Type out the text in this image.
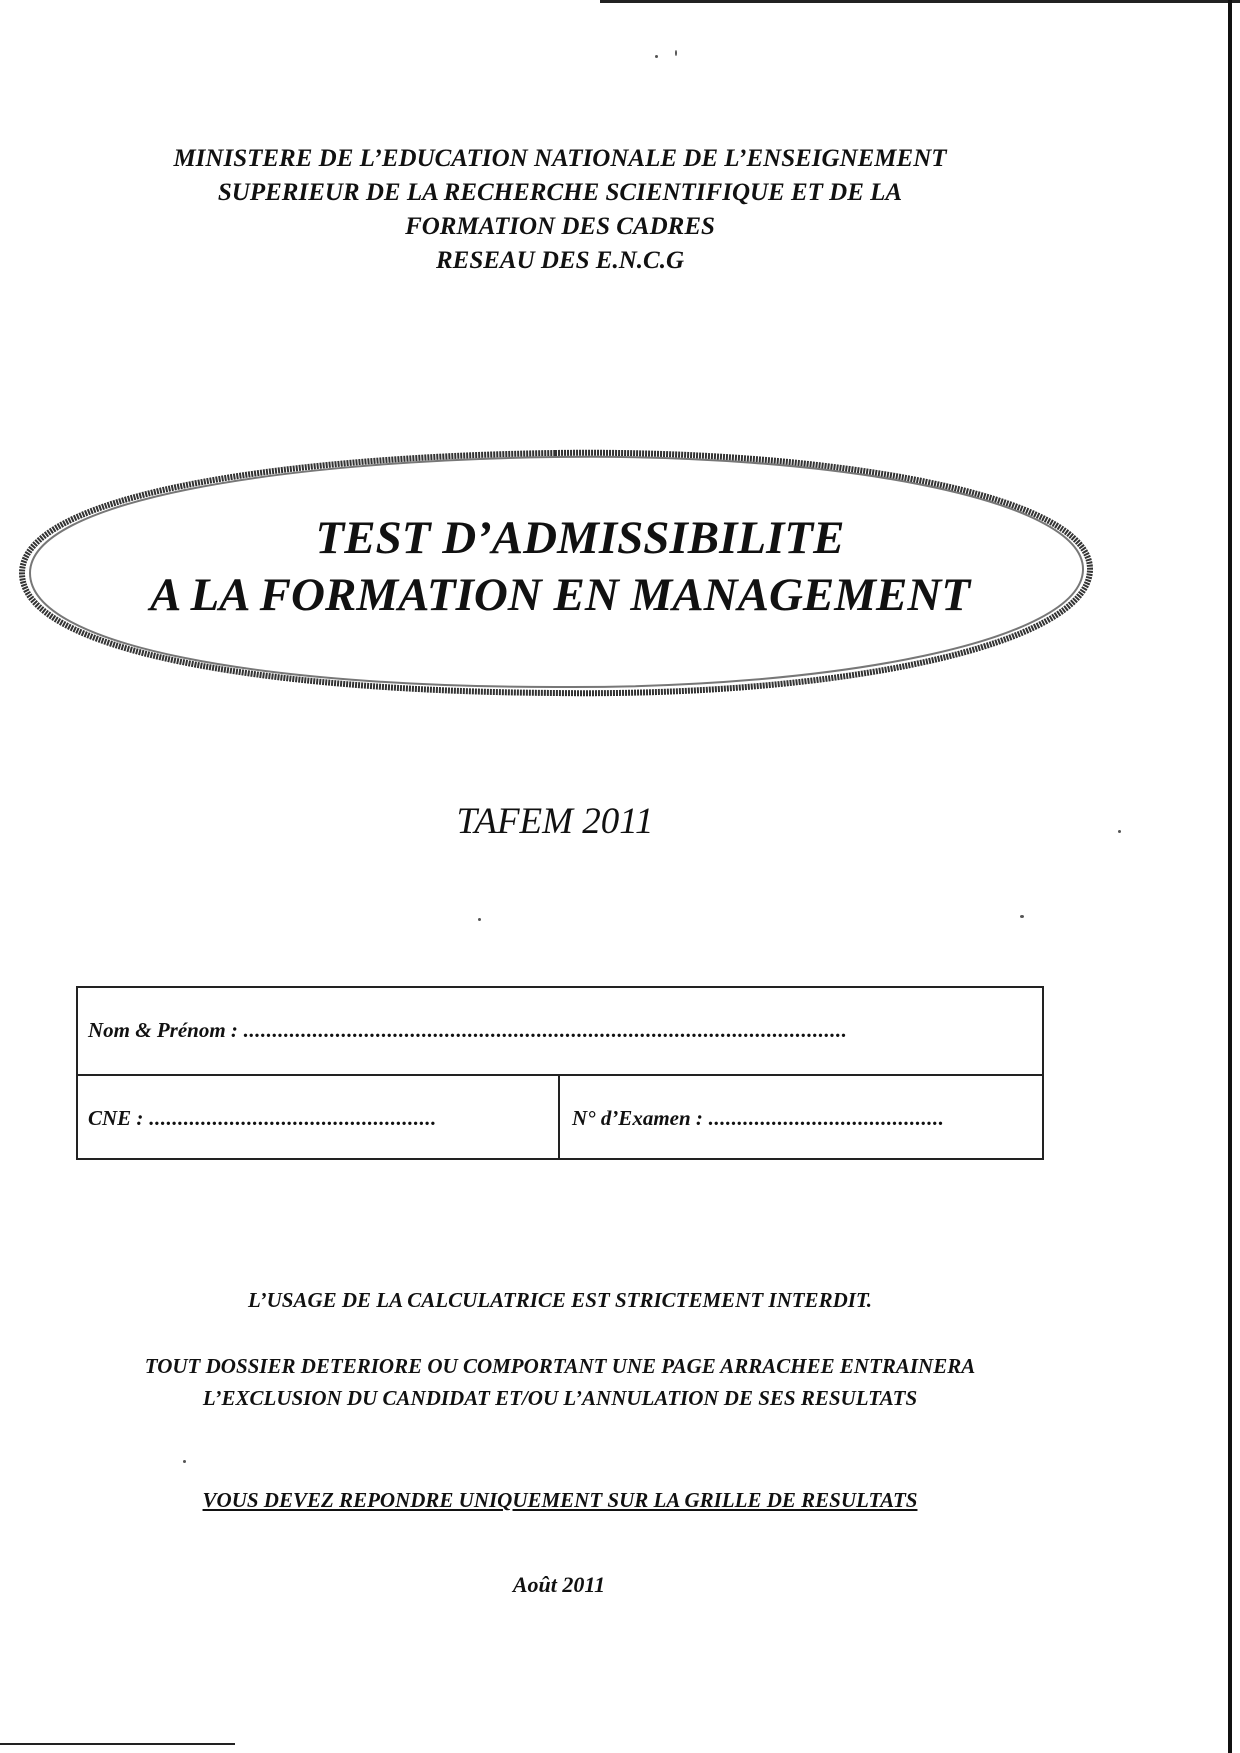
MINISTERE DE L’EDUCATION NATIONALE DE L’ENSEIGNEMENT
SUPERIEUR DE LA RECHERCHE SCIENTIFIQUE ET DE LA
FORMATION DES CADRES
RESEAU DES E.N.C.G
TEST D’ADMISSIBILITE
A LA FORMATION EN MANAGEMENT
TAFEM 2011
Nom & Prénom : .........................................................................................................
CNE : ..................................................	N° d’Examen : .........................................
L’USAGE DE LA CALCULATRICE EST STRICTEMENT INTERDIT.
TOUT DOSSIER DETERIORE OU COMPORTANT UNE PAGE ARRACHEE ENTRAINERA
L’EXCLUSION DU CANDIDAT ET/OU L’ANNULATION DE SES RESULTATS
VOUS DEVEZ REPONDRE UNIQUEMENT SUR LA GRILLE DE RESULTATS
Août 2011
